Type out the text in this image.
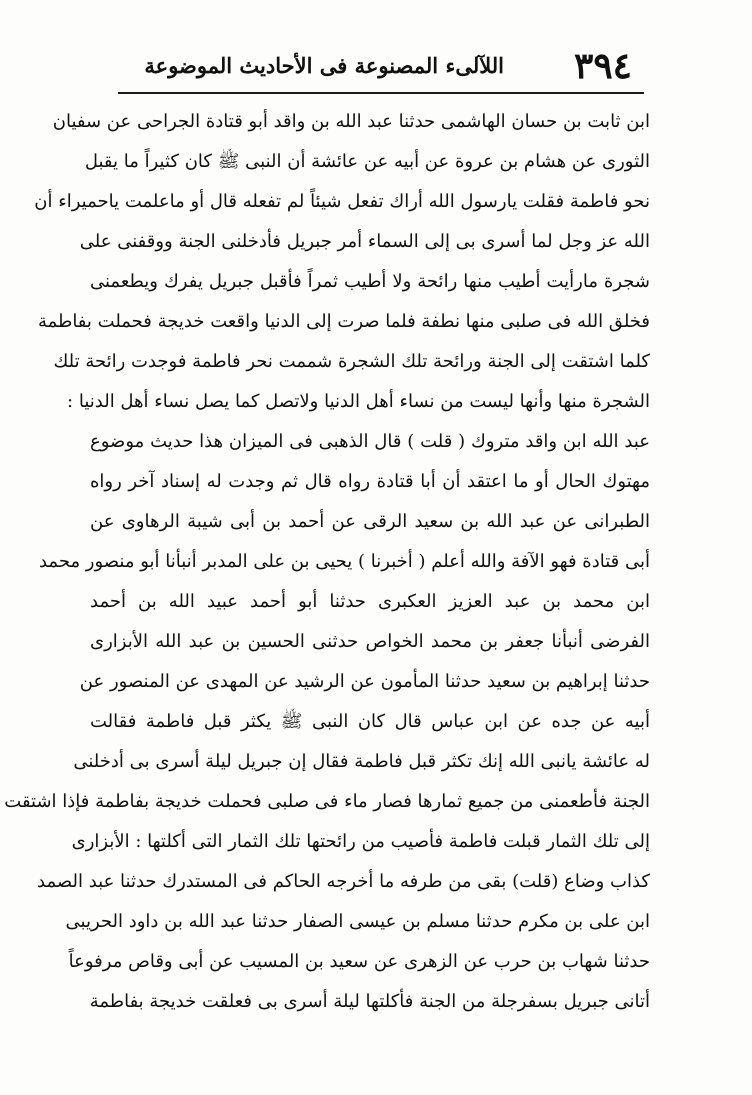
٣٩٤
اللآلىء المصنوعة فى الأحاديث الموضوعة
ابن ثابت بن حسان الهاشمى حدثنا عبد الله بن واقد أبو قتادة الجراحى عن سفيان
الثورى عن هشام بن عروة عن أبيه عن عائشة أن النبى ﷺ كان كثيراً ما يقبل
نحو فاطمة فقلت يارسول الله أراك تفعل شيئاً لم تفعله قال أو ماعلمت ياحميراء أن
الله عز وجل لما أسرى بى إلى السماء أمر جبريل فأدخلنى الجنة ووقفنى على
شجرة مارأيت أطيب منها رائحة ولا أطيب ثمراً فأقبل جبريل يفرك ويطعمنى
فخلق الله فى صلبى منها نطفة فلما صرت إلى الدنيا واقعت خديجة فحملت بفاطمة
كلما اشتقت إلى الجنة ورائحة تلك الشجرة شممت نحر فاطمة فوجدت رائحة تلك
الشجرة منها وأنها ليست من نساء أهل الدنيا ولاتصل كما يصل نساء أهل الدنيا :
عبد الله ابن واقد متروك ( قلت ) قال الذهبى فى الميزان هذا حديث موضوع
مهتوك الحال أو ما اعتقد أن أبا قتادة رواه قال ثم وجدت له إسناد آخر رواه
الطبرانى عن عبد الله بن سعيد الرقى عن أحمد بن أبى شيبة الرهاوى عن
أبى قتادة فهو الآفة والله أعلم ( أخبرنا ) يحيى بن على المدبر أنبأنا أبو منصور محمد
ابن محمد بن عبد العزيز العكبرى حدثنا أبو أحمد عبيد الله بن أحمد
الفرضى أنبأنا جعفر بن محمد الخواص حدثنى الحسين بن عبد الله الأبزارى
حدثنا إبراهيم بن سعيد حدثنا المأمون عن الرشيد عن المهدى عن المنصور عن
أبيه عن جده عن ابن عباس قال كان النبى ﷺ يكثر قبل فاطمة فقالت
له عائشة يانبى الله إنك تكثر قبل فاطمة فقال إن جبريل ليلة أسرى بى أدخلنى
الجنة فأطعمنى من جميع ثمارها فصار ماء فى صلبى فحملت خديجة بفاطمة فإذا اشتقت
إلى تلك الثمار قبلت فاطمة فأصيب من رائحتها تلك الثمار التى أكلتها : الأبزارى
كذاب وضاع (قلت) بقى من طرفه ما أخرجه الحاكم فى المستدرك حدثنا عبد الصمد
ابن على بن مكرم حدثنا مسلم بن عيسى الصفار حدثنا عبد الله بن داود الحريبى
حدثنا شهاب بن حرب عن الزهرى عن سعيد بن المسيب عن أبى وقاص مرفوعاً
أتانى جبريل بسفرجلة من الجنة فأكلتها ليلة أسرى بى فعلقت خديجة بفاطمة
